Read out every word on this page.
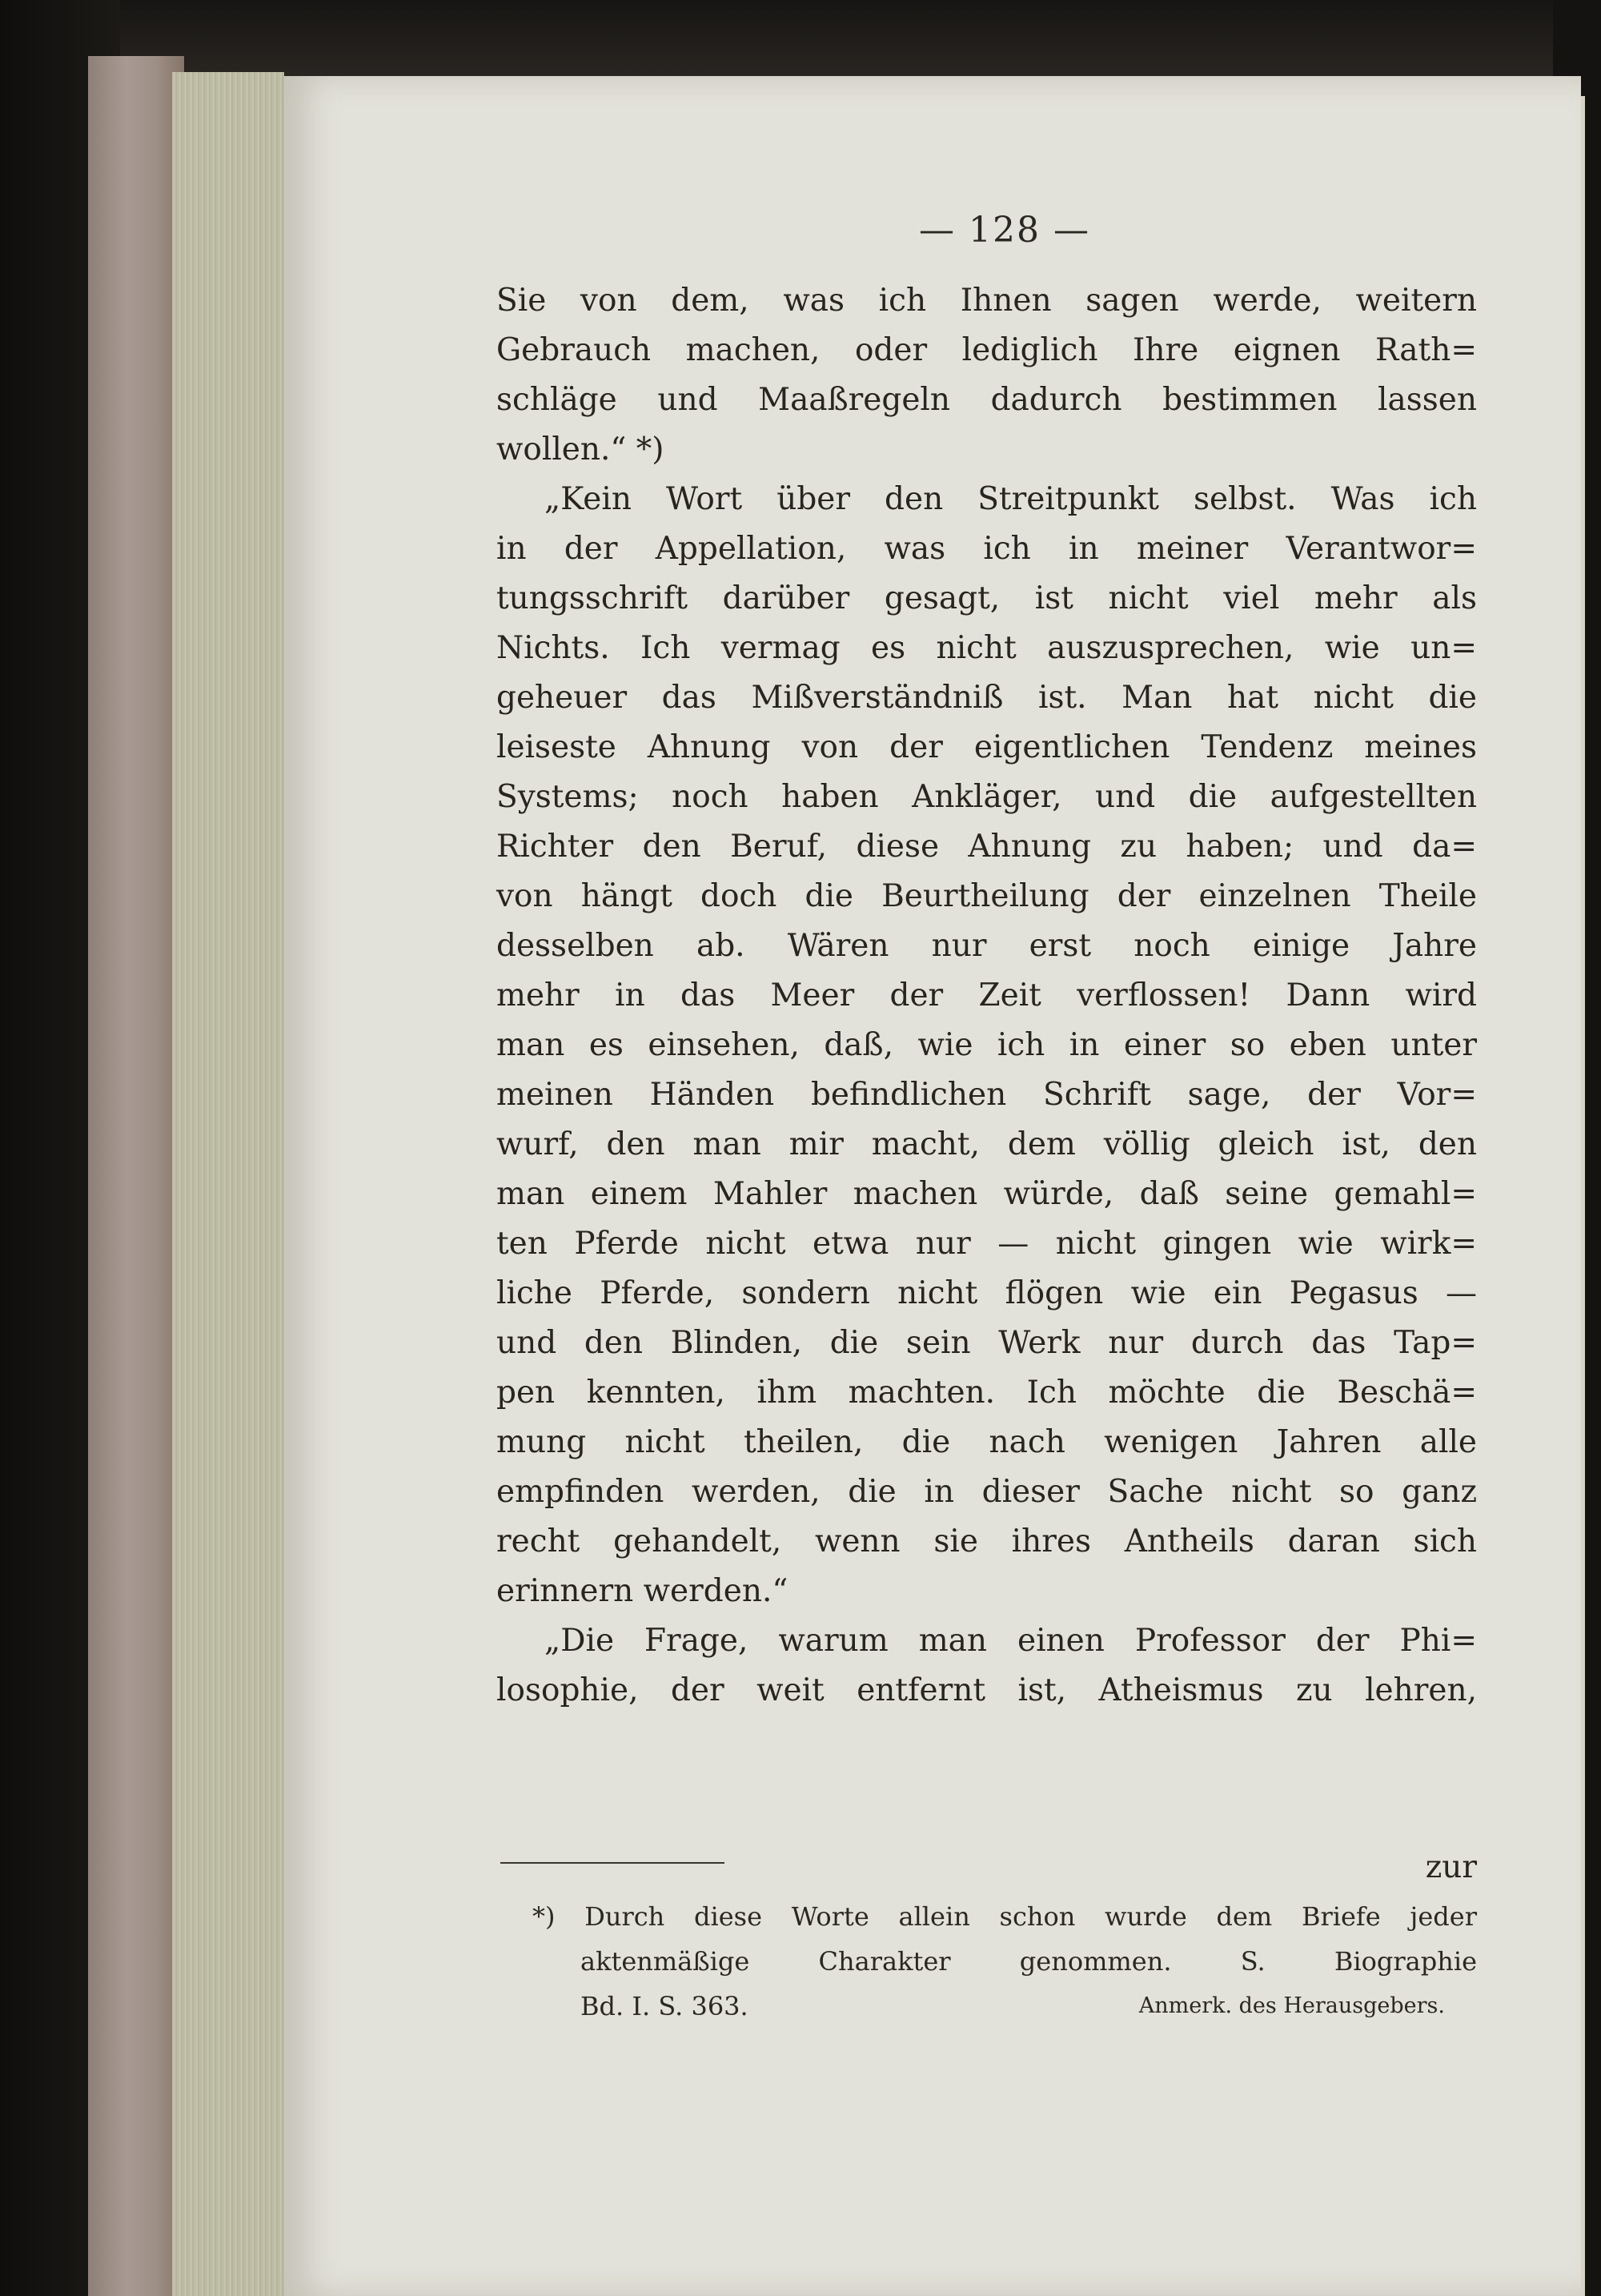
— 128 —
Sie von dem, was ich Ihnen sagen werde, weitern
Gebrauch machen, oder lediglich Ihre eignen Rath=
schläge und Maaßregeln dadurch bestimmen lassen
wollen.“ *)
„Kein Wort über den Streitpunkt selbst. Was ich
in der Appellation, was ich in meiner Verantwor=
tungsschrift darüber gesagt, ist nicht viel mehr als
Nichts. Ich vermag es nicht auszusprechen, wie un=
geheuer das Mißverständniß ist. Man hat nicht die
leiseste Ahnung von der eigentlichen Tendenz meines
Systems; noch haben Ankläger, und die aufgestellten
Richter den Beruf, diese Ahnung zu haben; und da=
von hängt doch die Beurtheilung der einzelnen Theile
desselben ab. Wären nur erst noch einige Jahre
mehr in das Meer der Zeit verflossen! Dann wird
man es einsehen, daß, wie ich in einer so eben unter
meinen Händen befindlichen Schrift sage, der Vor=
wurf, den man mir macht, dem völlig gleich ist, den
man einem Mahler machen würde, daß seine gemahl=
ten Pferde nicht etwa nur — nicht gingen wie wirk=
liche Pferde, sondern nicht flögen wie ein Pegasus —
und den Blinden, die sein Werk nur durch das Tap=
pen kennten, ihm machten. Ich möchte die Beschä=
mung nicht theilen, die nach wenigen Jahren alle
empfinden werden, die in dieser Sache nicht so ganz
recht gehandelt, wenn sie ihres Antheils daran sich
erinnern werden.“
„Die Frage, warum man einen Professor der Phi=
losophie, der weit entfernt ist, Atheismus zu lehren,
zur
*) Durch diese Worte allein schon wurde dem Briefe jeder
aktenmäßige Charakter genommen. S. Biographie
Bd. I. S. 363.	Anmerk. des Herausgebers.
